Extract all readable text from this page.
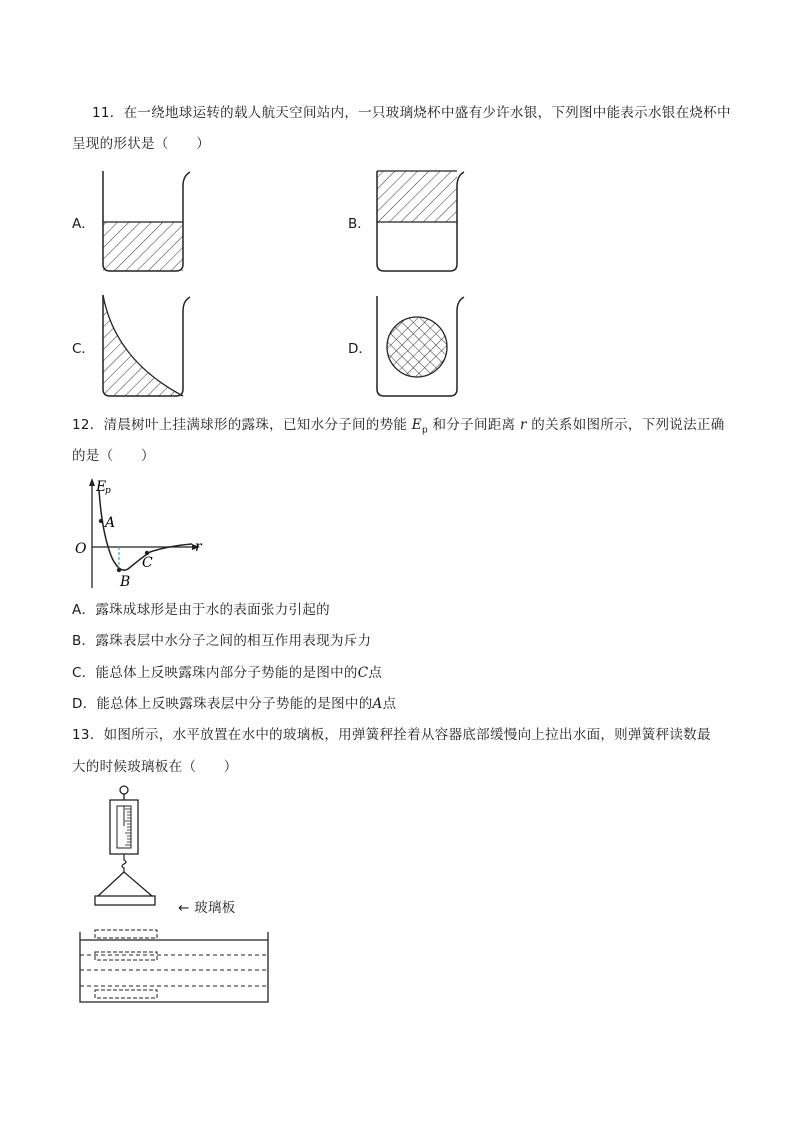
11．在一绕地球运转的载人航天空间站内，一只玻璃烧杯中盛有少许水银，下列图中能表示水银在烧杯中
呈现的形状是（　　）
A．	B．
C．	D．
12．清晨树叶上挂满球形的露珠，已知水分子间的势能 $E_p$ 和分子间距离 r 的关系如图所示，下列说法正确
的是（　　）
E
p
r
O
A
B
C
A．露珠成球形是由于水的表面张力引起的
B．露珠表层中水分子之间的相互作用表现为斥力
C．能总体上反映露珠内部分子势能的是图中的C点
D．能总体上反映露珠表层中分子势能的是图中的A点
13．如图所示，水平放置在水中的玻璃板，用弹簧秤拴着从容器底部缓慢向上拉出水面，则弹簧秤读数最
大的时候玻璃板在（　　）
← 玻璃板
